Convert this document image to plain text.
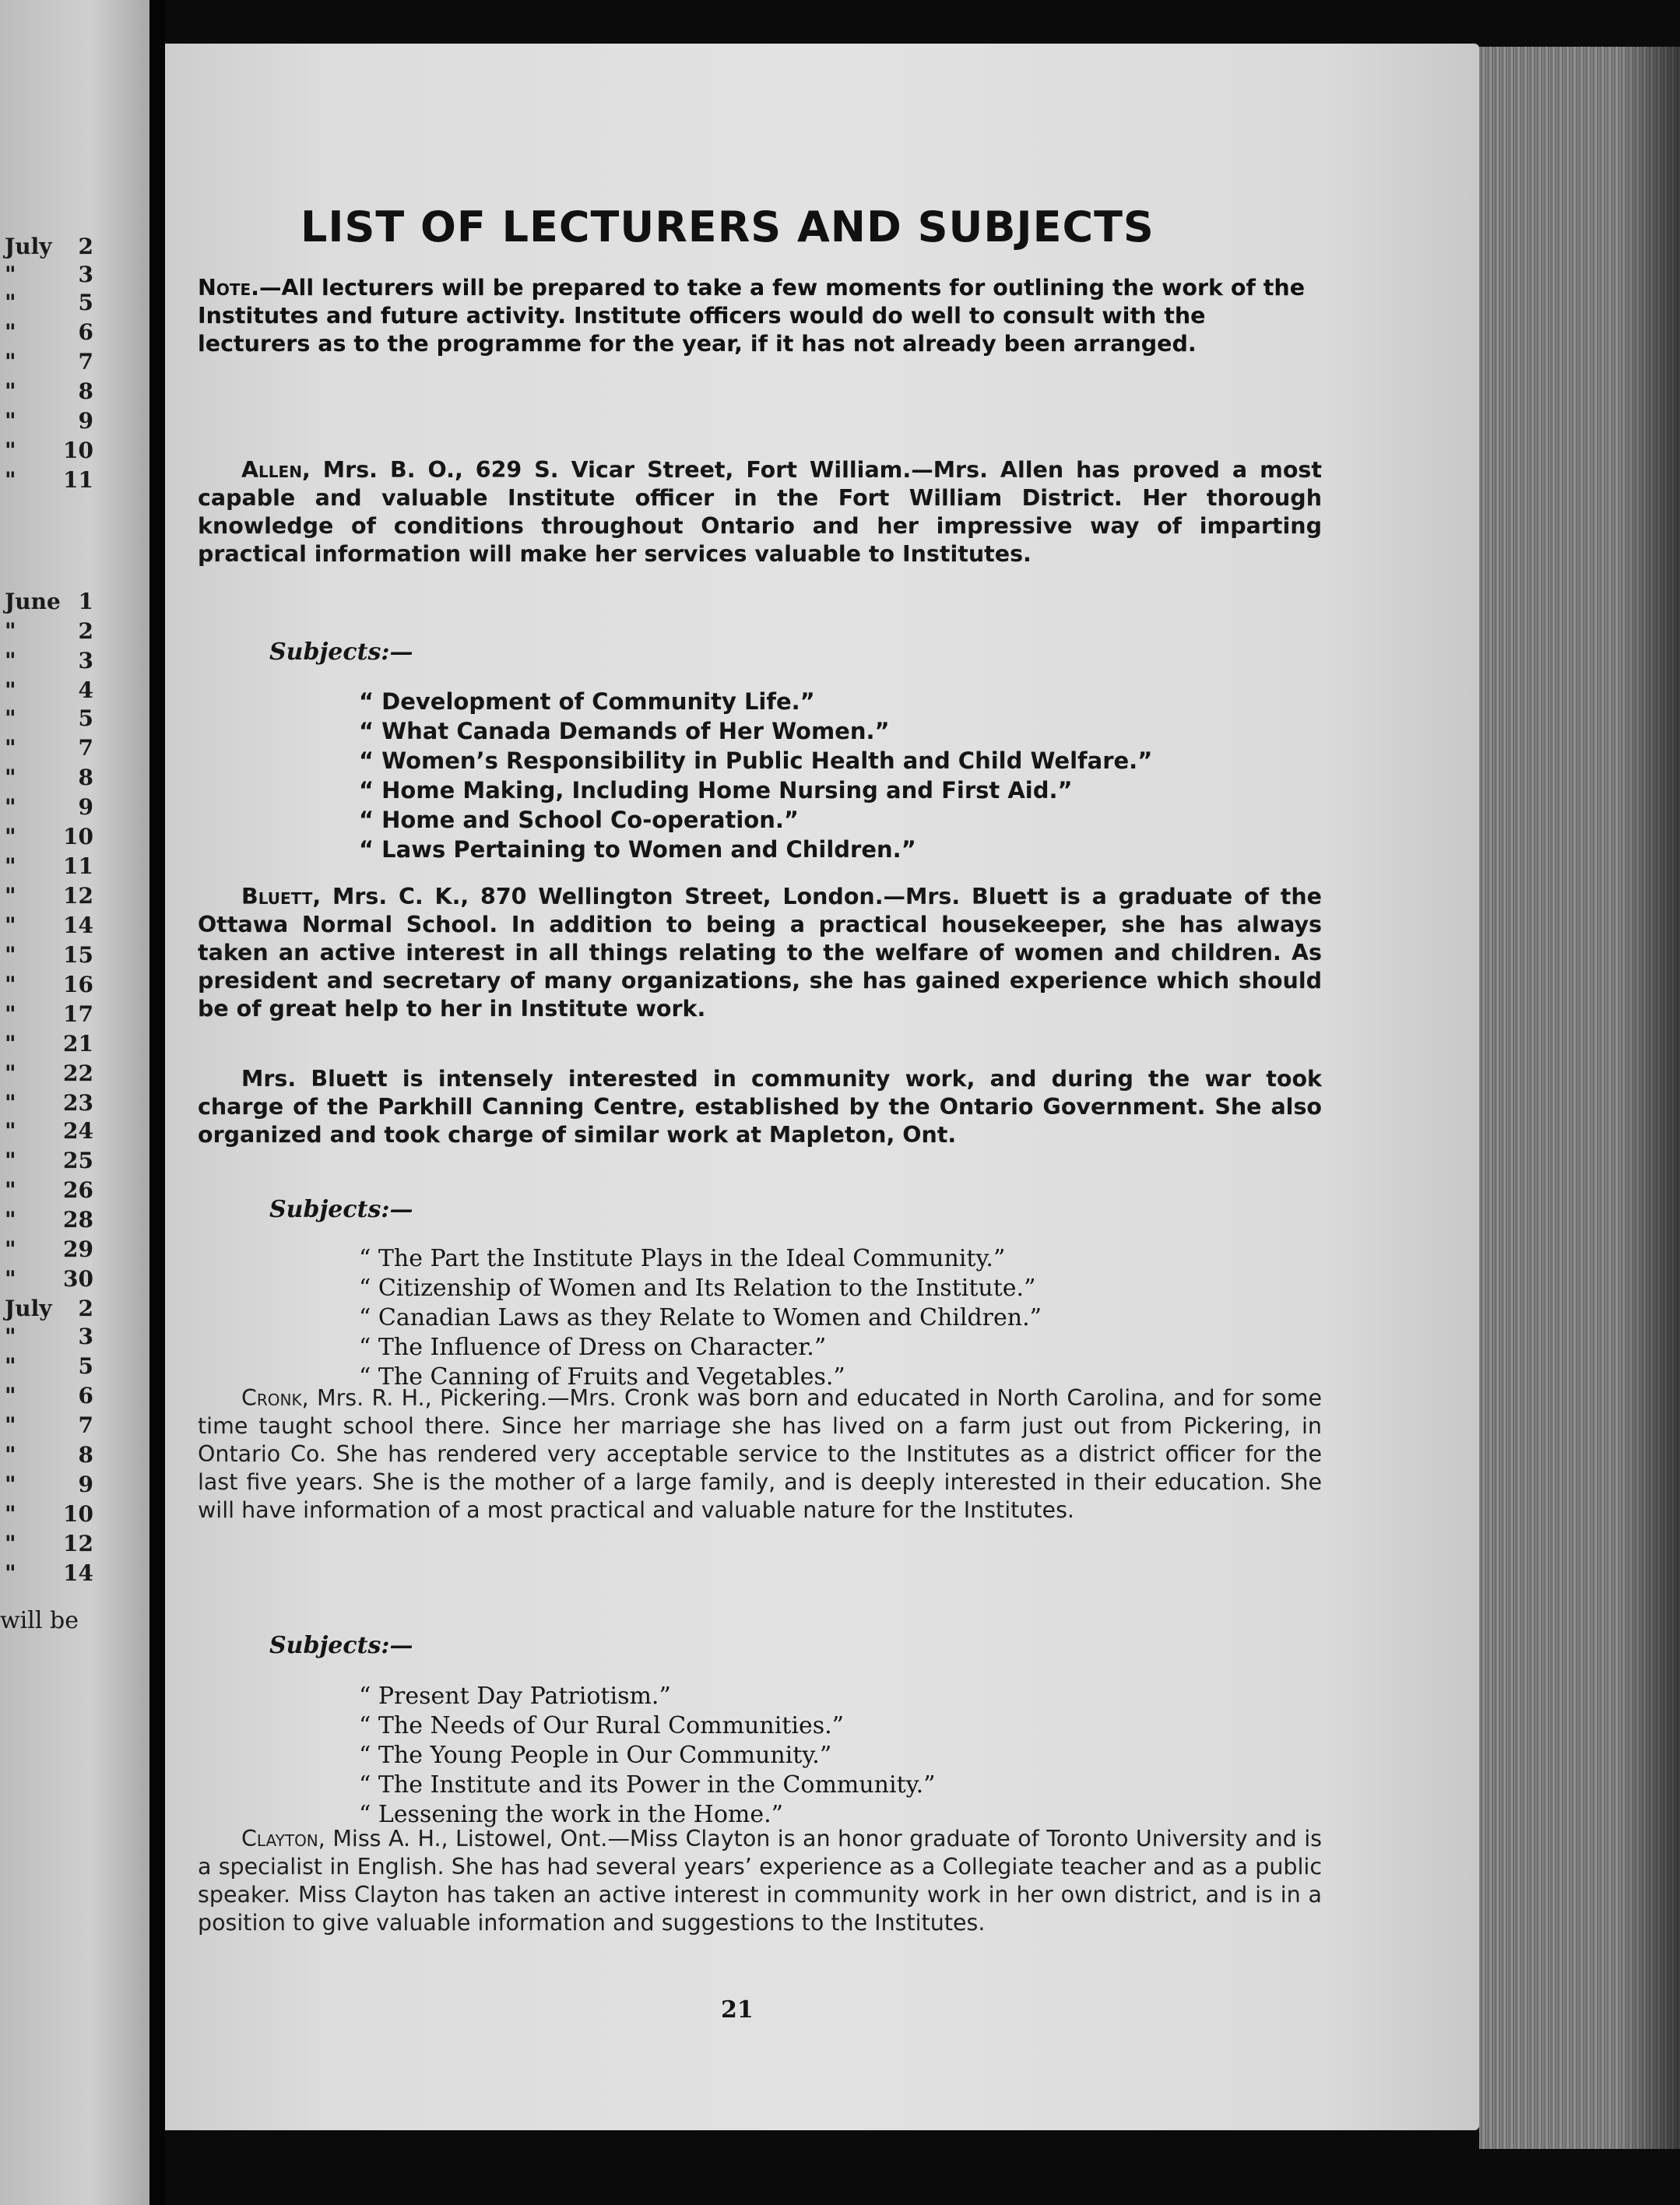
July 2
"	3
"	5
"	6
"	7
"	8
"	9
" 10
" 11
June 1
"	2
"	3
"	4
"	5
"	7
"	8
"	9
" 10
" 11
" 12
" 14
" 15
" 16
" 17
" 21
" 22
" 23
" 24
" 25
" 26
" 28
" 29
" 30
July 2
"	3
"	5
"	6
"	7
"	8
"	9
" 10
" 12
" 14
will be
LIST OF LECTURERS AND SUBJECTS

Note.—All lecturers will be prepared to take a few moments for outlining the work of the Institutes and future activity. Institute officers would do well to consult with the lecturers as to the programme for the year, if it has not already been arranged.

Allen, Mrs. B. O., 629 S. Vicar Street, Fort William.—Mrs. Allen has proved a most capable and valuable Institute officer in the Fort William District. Her thorough knowledge of conditions throughout Ontario and her impressive way of imparting practical information will make her services valuable to Institutes.

Subjects:—
“ Development of Community Life.”
“ What Canada Demands of Her Women.”
“ Women’s Responsibility in Public Health and Child Welfare.”
“ Home Making, Including Home Nursing and First Aid.”
“ Home and School Co-operation.”
“ Laws Pertaining to Women and Children.”

Bluett, Mrs. C. K., 870 Wellington Street, London.—Mrs. Bluett is a graduate of the Ottawa Normal School. In addition to being a practical housekeeper, she has always taken an active interest in all things relating to the welfare of women and children. As president and secretary of many organizations, she has gained experience which should be of great help to her in Institute work.

Mrs. Bluett is intensely interested in community work, and during the war took charge of the Parkhill Canning Centre, established by the Ontario Government. She also organized and took charge of similar work at Mapleton, Ont.

Subjects:—
“ The Part the Institute Plays in the Ideal Community.”
“ Citizenship of Women and Its Relation to the Institute.”
“ Canadian Laws as they Relate to Women and Children.”
“ The Influence of Dress on Character.”
“ The Canning of Fruits and Vegetables.”

Cronk, Mrs. R. H., Pickering.—Mrs. Cronk was born and educated in North Carolina, and for some time taught school there. Since her marriage she has lived on a farm just out from Pickering, in Ontario Co. She has rendered very acceptable service to the Institutes as a district officer for the last five years. She is the mother of a large family, and is deeply interested in their education. She will have information of a most practical and valuable nature for the Institutes.

Subjects:—
“ Present Day Patriotism.”
“ The Needs of Our Rural Communities.”
“ The Young People in Our Community.”
“ The Institute and its Power in the Community.”
“ Lessening the work in the Home.”

Clayton, Miss A. H., Listowel, Ont.—Miss Clayton is an honor graduate of Toronto University and is a specialist in English. She has had several years’ experience as a Collegiate teacher and as a public speaker. Miss Clayton has taken an active interest in community work in her own district, and is in a position to give valuable information and suggestions to the Institutes.

21
